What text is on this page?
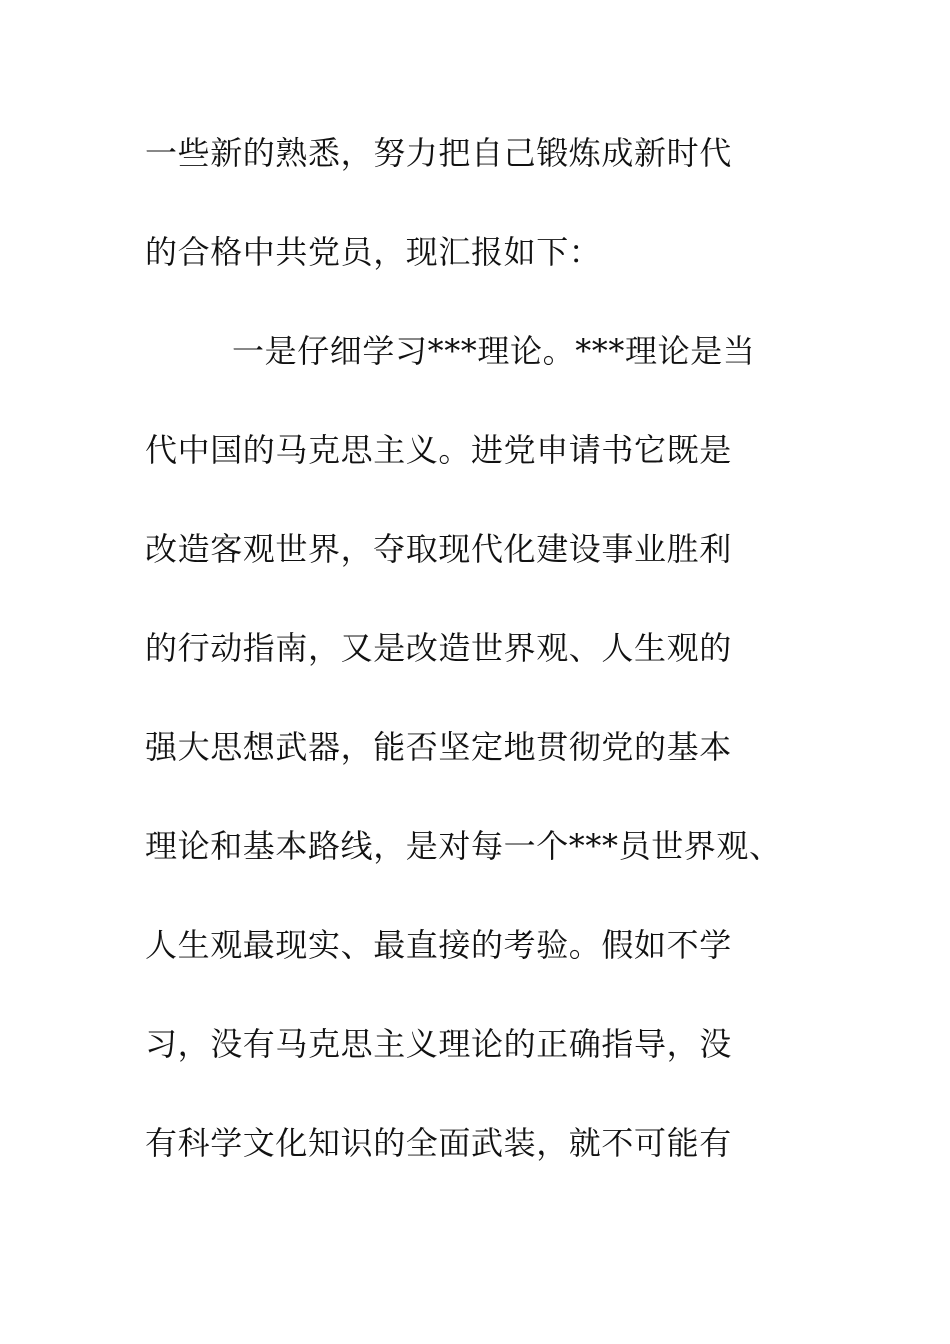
一些新的熟悉，努力把自己锻炼成新时代

的合格中共党员，现汇报如下：

一是仔细学习***理论。***理论是当

代中国的马克思主义。进党申请书它既是

改造客观世界，夺取现代化建设事业胜利

的行动指南，又是改造世界观、人生观的

强大思想武器，能否坚定地贯彻党的基本

理论和基本路线，是对每一个***员世界观、

人生观最现实、最直接的考验。假如不学

习，没有马克思主义理论的正确指导，没

有科学文化知识的全面武装，就不可能有
